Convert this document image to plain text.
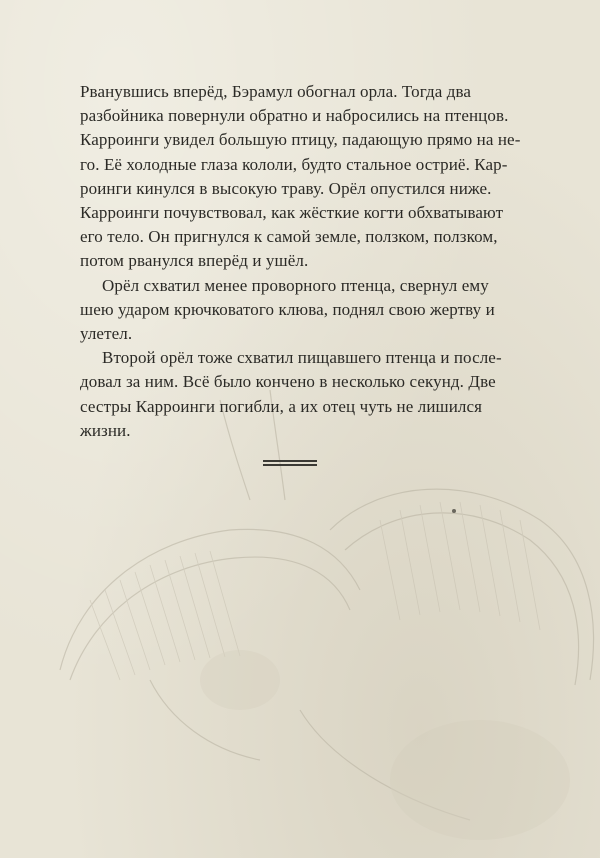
Рванувшись вперёд, Бэрамул обогнал орла. Тогда два
разбойника повернули обратно и набросились на птенцов.
Карроинги увидел большую птицу, падающую прямо на не-
го. Её холодные глаза кололи, будто стальное остриё. Кар-
роинги кинулся в высокую траву. Орёл опустился ниже.
Карроинги почувствовал, как жёсткие когти обхватывают
его тело. Он пригнулся к самой земле, ползком, ползком,
потом рванулся вперёд и ушёл.

Орёл схватил менее проворного птенца, свернул ему
шею ударом крючковатого клюва, поднял свою жертву и
улетел.

Второй орёл тоже схватил пищавшего птенца и после-
довал за ним. Всё было кончено в несколько секунд. Две
сестры Карроинги погибли, а их отец чуть не лишился
жизни.
